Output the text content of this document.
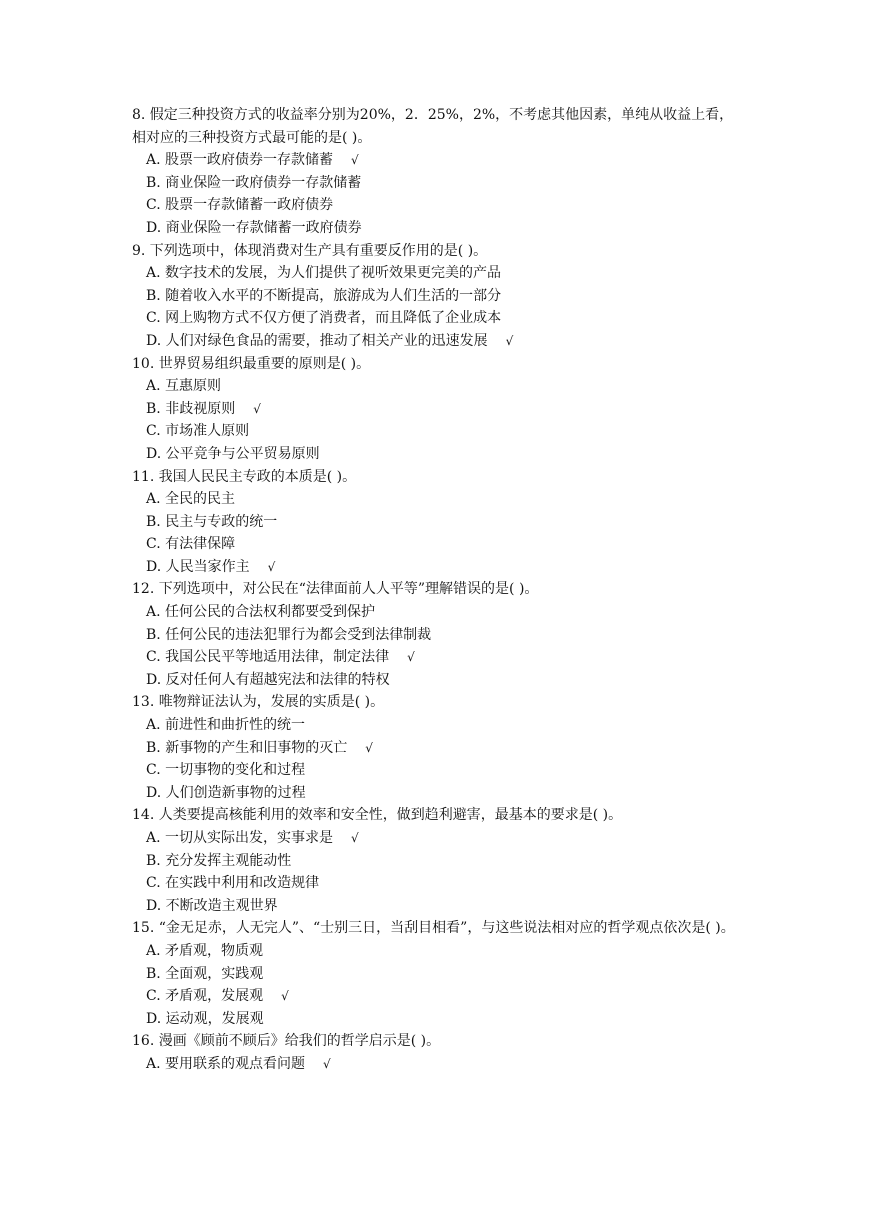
8. 假定三种投资方式的收益率分别为20%，2．25%，2%，不考虑其他因素，单纯从收益上看，相对应的三种投资方式最可能的是( )。

A. 股票一政府债券一存款储蓄 √
B. 商业保险一政府债券一存款储蓄
C. 股票一存款储蓄一政府债券
D. 商业保险一存款储蓄一政府债券

9. 下列选项中，体现消费对生产具有重要反作用的是( )。

A. 数字技术的发展，为人们提供了视听效果更完美的产品
B. 随着收入水平的不断提高，旅游成为人们生活的一部分
C. 网上购物方式不仅方便了消费者，而且降低了企业成本
D. 人们对绿色食品的需要，推动了相关产业的迅速发展 √

10. 世界贸易组织最重要的原则是( )。

A. 互惠原则
B. 非歧视原则 √
C. 市场准人原则
D. 公平竞争与公平贸易原则

11. 我国人民民主专政的本质是( )。

A. 全民的民主
B. 民主与专政的统一
C. 有法律保障
D. 人民当家作主 √

12. 下列选项中，对公民在“法律面前人人平等”理解错误的是( )。

A. 任何公民的合法权利都要受到保护
B. 任何公民的违法犯罪行为都会受到法律制裁
C. 我国公民平等地适用法律，制定法律 √
D. 反对任何人有超越宪法和法律的特权

13. 唯物辩证法认为，发展的实质是( )。

A. 前进性和曲折性的统一
B. 新事物的产生和旧事物的灭亡 √
C. 一切事物的变化和过程
D. 人们创造新事物的过程

14. 人类要提高核能利用的效率和安全性，做到趋利避害，最基本的要求是( )。

A. 一切从实际出发，实事求是 √
B. 充分发挥主观能动性
C. 在实践中利用和改造规律
D. 不断改造主观世界

15. “金无足赤，人无完人”、“士别三日，当刮目相看”，与这些说法相对应的哲学观点依次是( )。

A. 矛盾观，物质观
B. 全面观，实践观
C. 矛盾观，发展观 √
D. 运动观，发展观

16. 漫画《顾前不顾后》给我们的哲学启示是( )。

A. 要用联系的观点看问题 √
